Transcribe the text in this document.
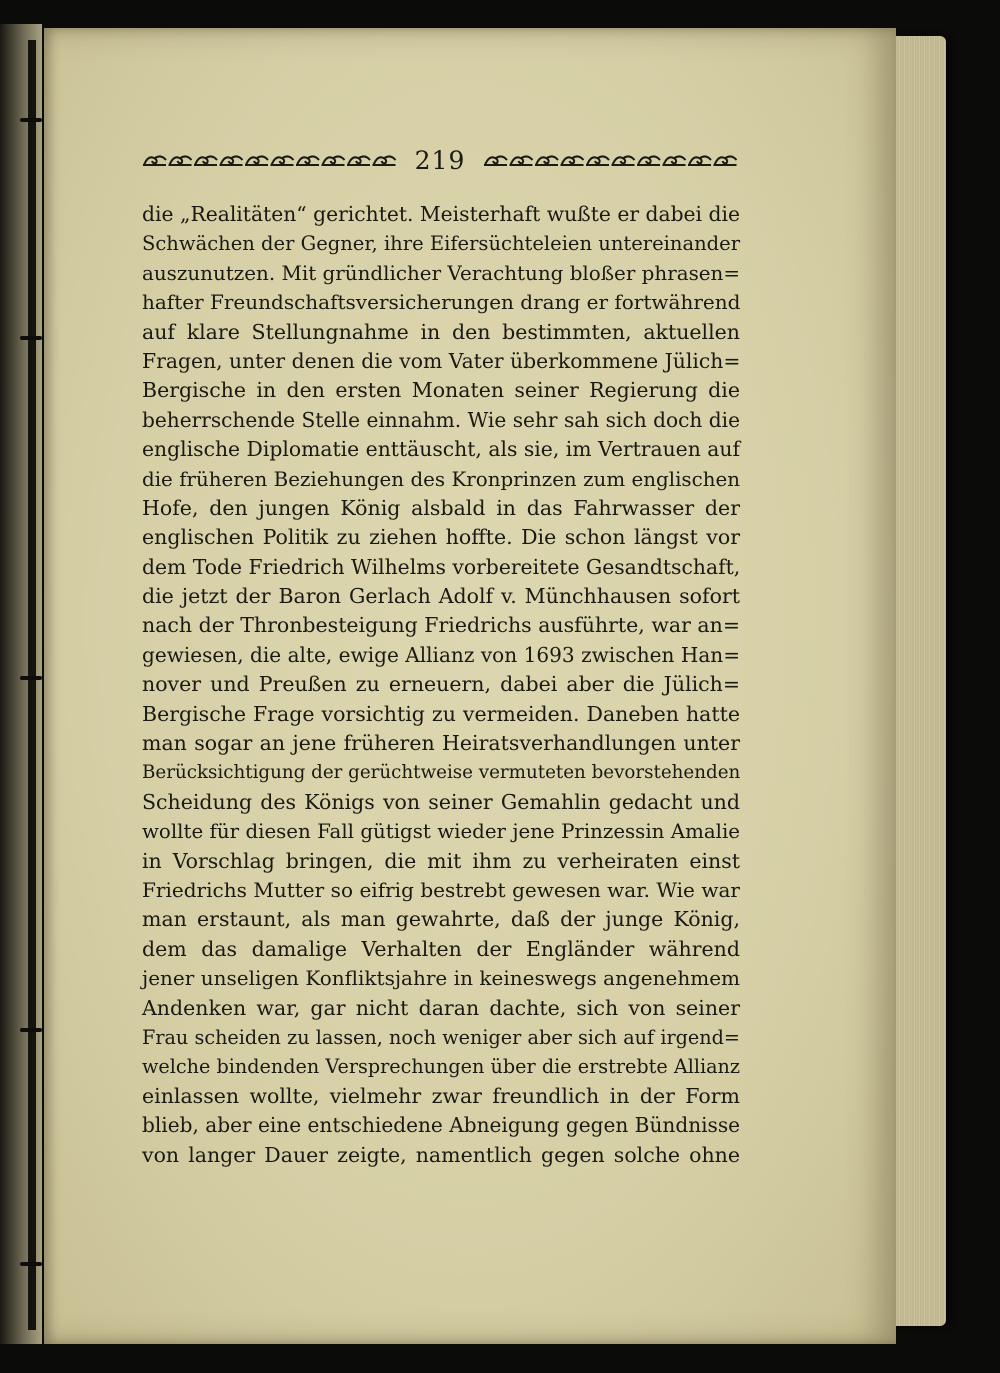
219
die „Realitäten“ gerichtet. Meisterhaft wußte er dabei die
Schwächen der Gegner, ihre Eifersüchteleien untereinander
auszunutzen. Mit gründlicher Verachtung bloßer phrasen=
hafter Freundschaftsversicherungen drang er fortwährend
auf klare Stellungnahme in den bestimmten, aktuellen
Fragen, unter denen die vom Vater überkommene Jülich=
Bergische in den ersten Monaten seiner Regierung die
beherrschende Stelle einnahm. Wie sehr sah sich doch die
englische Diplomatie enttäuscht, als sie, im Vertrauen auf
die früheren Beziehungen des Kronprinzen zum englischen
Hofe, den jungen König alsbald in das Fahrwasser der
englischen Politik zu ziehen hoffte. Die schon längst vor
dem Tode Friedrich Wilhelms vorbereitete Gesandtschaft,
die jetzt der Baron Gerlach Adolf v. Münchhausen sofort
nach der Thronbesteigung Friedrichs ausführte, war an=
gewiesen, die alte, ewige Allianz von 1693 zwischen Han=
nover und Preußen zu erneuern, dabei aber die Jülich=
Bergische Frage vorsichtig zu vermeiden. Daneben hatte
man sogar an jene früheren Heiratsverhandlungen unter
Berücksichtigung der gerüchtweise vermuteten bevorstehenden
Scheidung des Königs von seiner Gemahlin gedacht und
wollte für diesen Fall gütigst wieder jene Prinzessin Amalie
in Vorschlag bringen, die mit ihm zu verheiraten einst
Friedrichs Mutter so eifrig bestrebt gewesen war. Wie war
man erstaunt, als man gewahrte, daß der junge König,
dem das damalige Verhalten der Engländer während
jener unseligen Konfliktsjahre in keineswegs angenehmem
Andenken war, gar nicht daran dachte, sich von seiner
Frau scheiden zu lassen, noch weniger aber sich auf irgend=
welche bindenden Versprechungen über die erstrebte Allianz
einlassen wollte, vielmehr zwar freundlich in der Form
blieb, aber eine entschiedene Abneigung gegen Bündnisse
von langer Dauer zeigte, namentlich gegen solche ohne
